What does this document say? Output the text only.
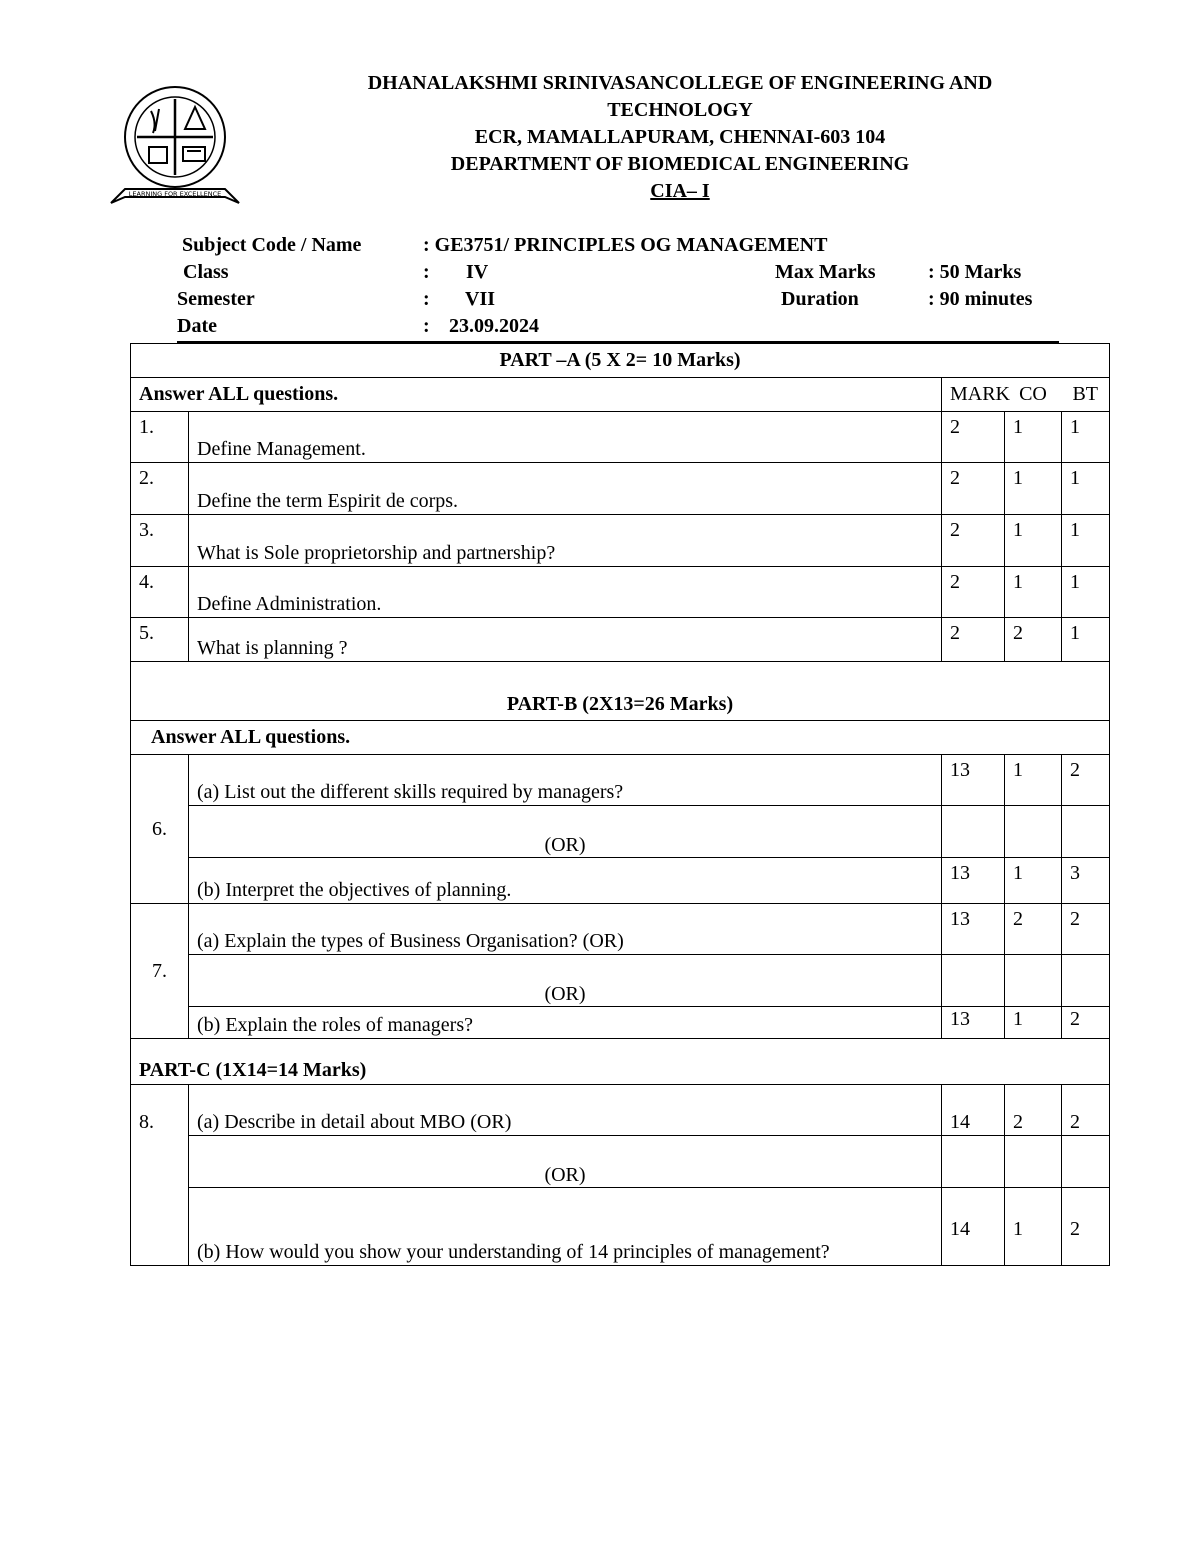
LEARNING FOR EXCELLENCE
DHANALAKSHMI SRINIVASANCOLLEGE OF ENGINEERING AND
TECHNOLOGY
ECR, MAMALLAPURAM, CHENNAI-603 104
DEPARTMENT OF BIOMEDICAL ENGINEERING
CIA– I
Subject Code / Name	: GE3751/ PRINCIPLES OG MANAGEMENT
Class	: IV	Max Marks	: 50 Marks
Semester	: VII	Duration	: 90 minutes
Date	: 23.09.2024
PART –A (5 X 2= 10 Marks)				
Answer ALL questions.		MARK	CO	BT
1.	Define Management.	2	1	1
2.	Define the term Espirit de corps.	2	1	1
3.	What is Sole proprietorship and partnership?	2	1	1
4.	Define Administration.	2	1	1
5.	What is planning ?	2	2	1
PART-B (2X13=26 Marks)				
Answer ALL questions.				
6.	(a) List out the different skills required by managers?	13	1	2
	(OR)			
	(b) Interpret the objectives of planning.	13	1	3
7.	(a) Explain the types of Business Organisation? (OR)	13	2	2
	(OR)			
	(b) Explain the roles of managers?	13	1	2
PART-C (1X14=14 Marks)				
8.	(a) Describe in detail about MBO (OR)	14	2	2
	(OR)			
	(b) How would you show your understanding of 14 principles of management?	14	1	2
